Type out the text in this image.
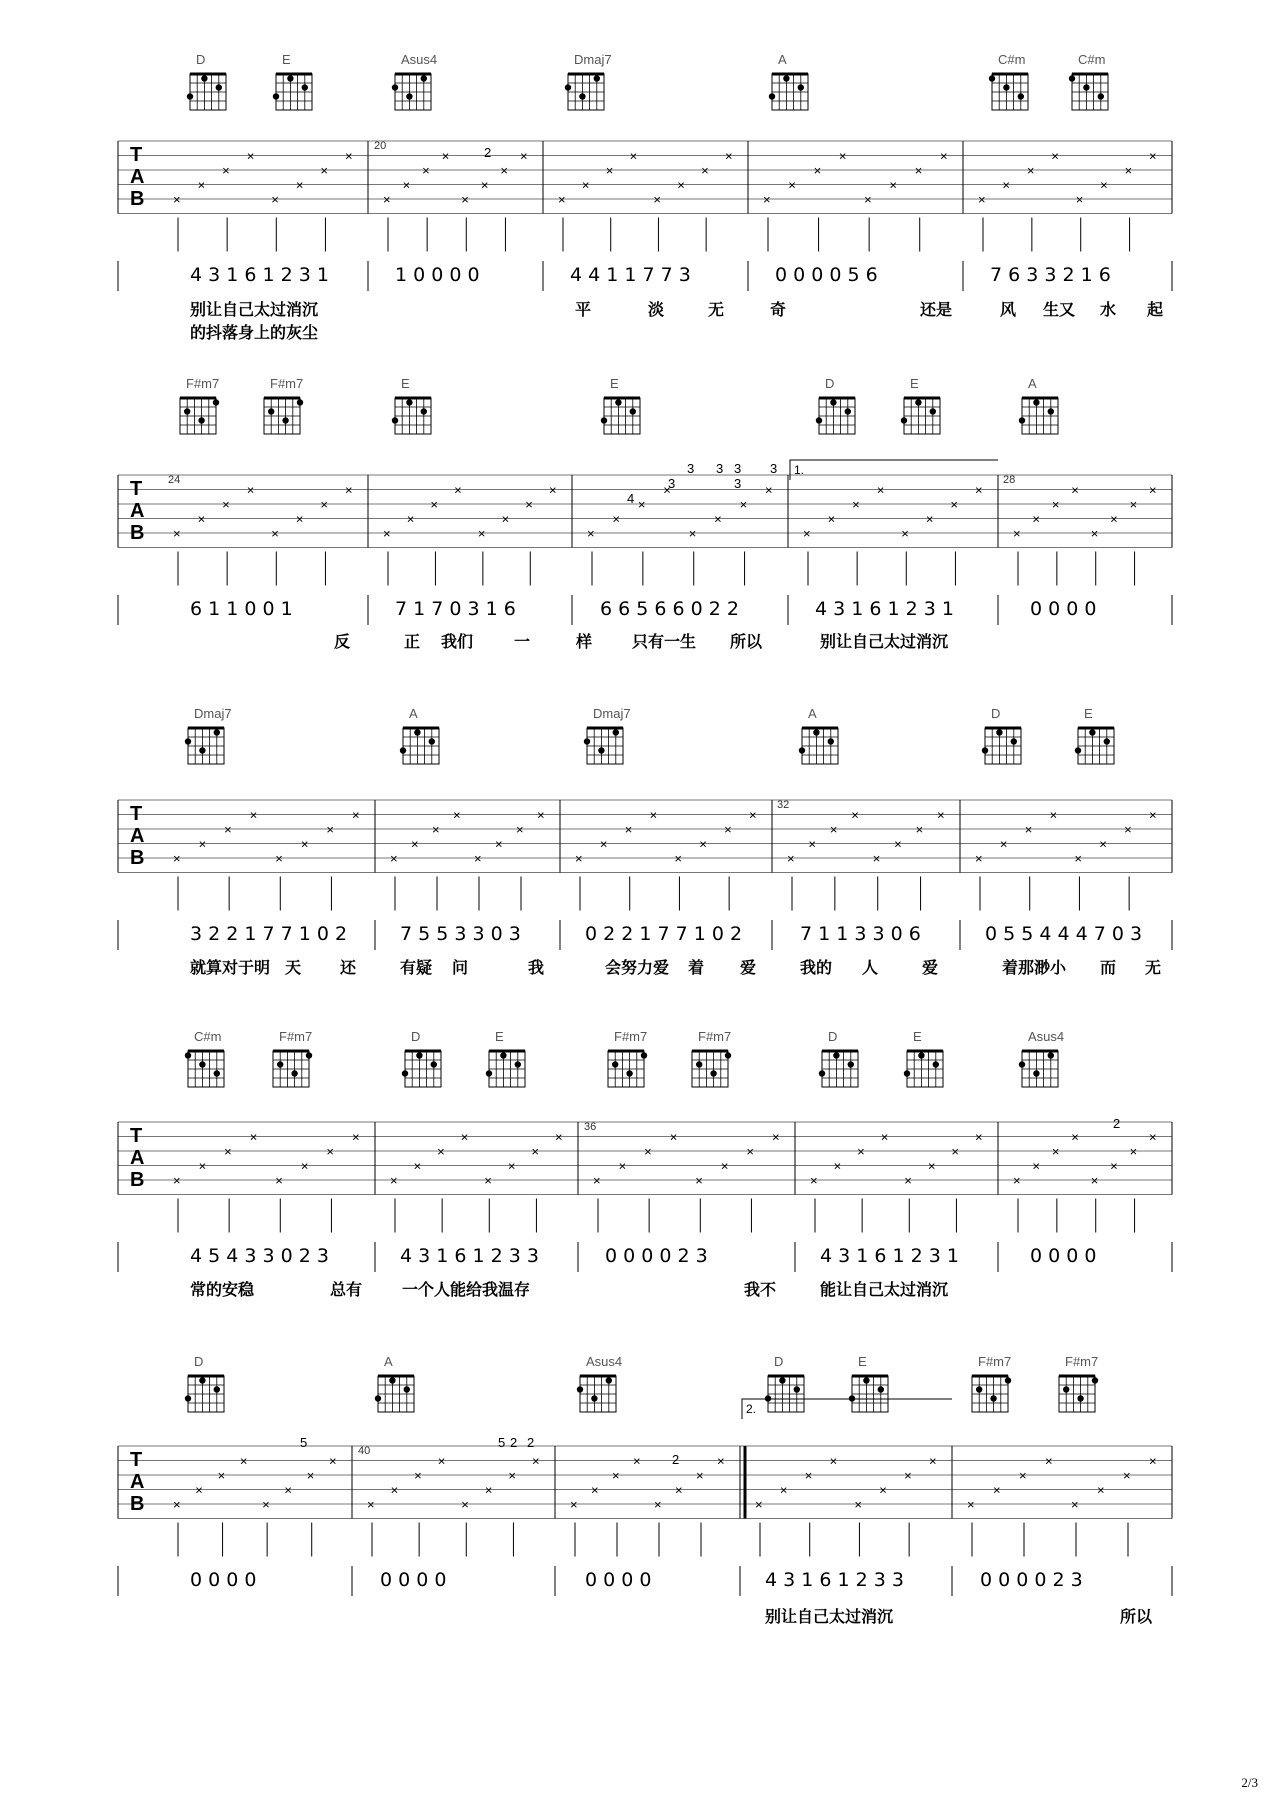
D	E	Asus4	Dmaj7	A	C#m	C#m
T
A
B
20
×
×
×
×
×
×
×
×
×
×
×
×
×
×
×
×
×
×
×
×
×
×
×
×
×
×
×
×
×
×
×
×
×
×
×
×
×
×
×
×
2
4 3 1 6 1 2 3 1	1 0 0 0 0	4 4 1 1 7 7 3	0 0 0 0 5 6	7 6 3 3 2 1 6
别让自己太过消沉
的抖落身上的灰尘
平	淡	无	奇	还是	风 生又 水 起
F#m7	F#m7	E	E	D	E	A
T
A
B
24	28
1.
×
×
×
×
×
×
×
×
×
×
×
×
×
×
×
×
×
×
×
×
×
×
×
×
×
×
×
×
×
×
×
×
×
×
×
×
×
×
×
×
4
3
3 3
3
3 3
6 1 1 0 0 1	7 1 7 0 3 1 6	6 6 5 6 6 0 2 2	4 3 1 6 1 2 3 1	0 0 0 0
反	正 我们	一	样 只有一生 所以	别让自己太过消沉
Dmaj7	A	Dmaj7	A	D	E
T
A
B
32
×
×
×
×
×
×
×
×
×
×
×
×
×
×
×
×
×
×
×
×
×
×
×
×
×
×
×
×
×
×
×
×
×
×
×
×
×
×
×
×
3 2 2 1 7 7 1 0 2	7 5 5 3 3 0 3	0 2 2 1 7 7 1 0 2	7 1 1 3 3 0 6	0 5 5 4 4 4 7 0 3
就算对于明 天 还	有疑 问	我	会努力爱 着 爱	我的 人	爱	着那渺小 而 无
C#m	F#m7	D	E	F#m7	F#m7	D	E	Asus4
T
A
B
36
×
×
×
×
×
×
×
×
×
×
×
×
×
×
×
×
×
×
×
×
×
×
×
×
×
×
×
×
×
×
×
×
×
×
×
×
×
×
×
×
2
4 5 4 3 3 0 2 3	4 3 1 6 1 2 3 3	0 0 0 0 2 3	4 3 1 6 1 2 3 1	0 0 0 0
常的安稳	总有 一个人能给我温存	我不	能让自己太过消沉
D	A	Asus4	D	E	F#m7	F#m7
T
A
B
40
2.
×
×
×
×
×
×
×
×
×
×
×
×
×
×
×
×
×
×
×
×
×
×
×
×
×
×
×
×
×
×
×
×
×
×
×
×
×
×
×
×
5	5 2 2
2
0 0 0 0	0 0 0 0	0 0 0 0	4 3 1 6 1 2 3 3	0 0 0 0 2 3
别让自己太过消沉	所以
2/3
